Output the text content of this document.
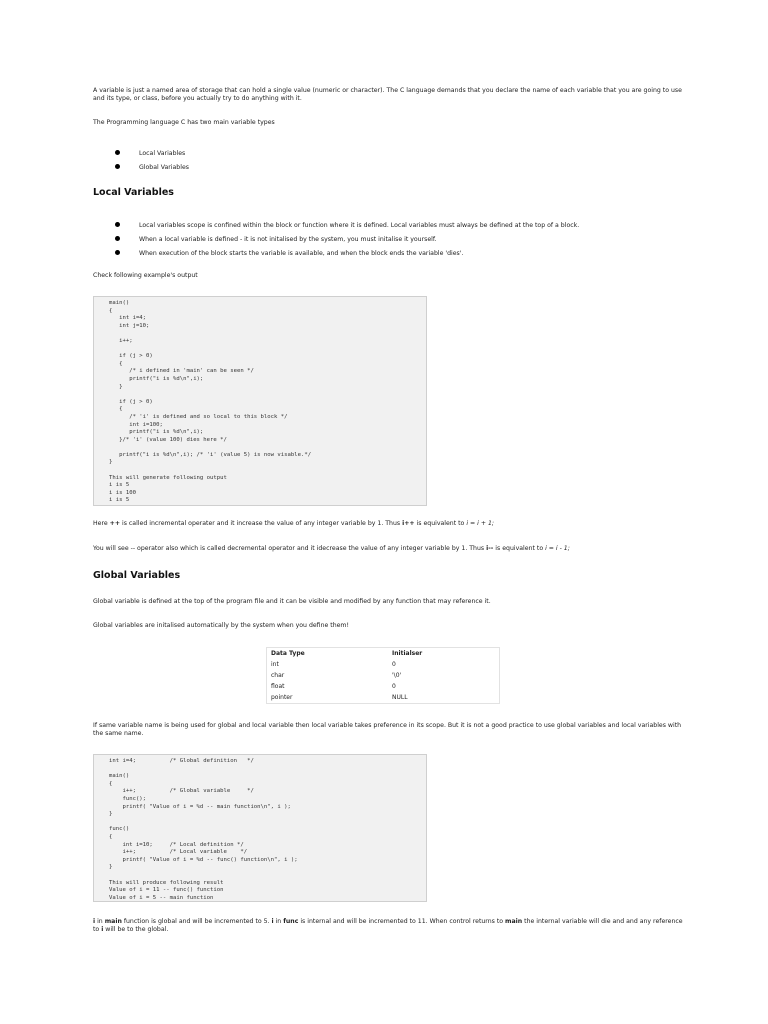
A variable is just a named area of storage that can hold a single value (numeric or character). The C language demands that you declare the name of each variable that you are going to use and its type, or class, before you actually try to do anything with it.

The Programming language C has two main variable types

Local Variables
Global Variables
Local Variables
Local variables scope is confined within the block or function where it is defined. Local variables must always be defined at the top of a block.
When a local variable is defined - it is not initalised by the system, you must initalise it yourself.
When execution of the block starts the variable is available, and when the block ends the variable 'dies'.

Check following example's output

main()
{
int i=4;
int j=10;

i++;

if (j > 0)
{
/* i defined in 'main' can be seen */
printf("i is %d\n",i);
}

if (j > 0)
{
/* 'i' is defined and so local to this block */
int i=100;
printf("i is %d\n",i);
}/* 'i' (value 100) dies here */

printf("i is %d\n",i); /* 'i' (value 5) is now visable.*/
}

This will generate following output
i is 5
i is 100
i is 5

Here ++ is called incremental operater and it increase the value of any integer variable by 1. Thus i++ is equivalent to i = i + 1;

You will see -- operator also which is called decremental operator and it idecrease the value of any integer variable by 1. Thus i-- is equivalent to i = i - 1;

Global Variables

Global variable is defined at the top of the program file and it can be visible and modified by any function that may reference it.

Global variables are initalised automatically by the system when you define them!

Data Type	Initialser
int	0
char	'\0'
float	0
pointer	NULL

If same variable name is being used for global and local variable then local variable takes preference in its scope. But it is not a good practice to use global variables and local variables with the same name.

int i=4;          /* Global definition   */

main()
{
i++;          /* Global variable     */
func();
printf( "Value of i = %d -- main function\n", i );
}

func()
{
int i=10;     /* Local definition */
i++;          /* Local variable    */
printf( "Value of i = %d -- func() function\n", i );
}

This will produce following result
Value of i = 11 -- func() function
Value of i = 5 -- main function

i in main function is global and will be incremented to 5. i in func is internal and will be incremented to 11. When control returns to main the internal variable will die and and any reference to i will be to the global.
